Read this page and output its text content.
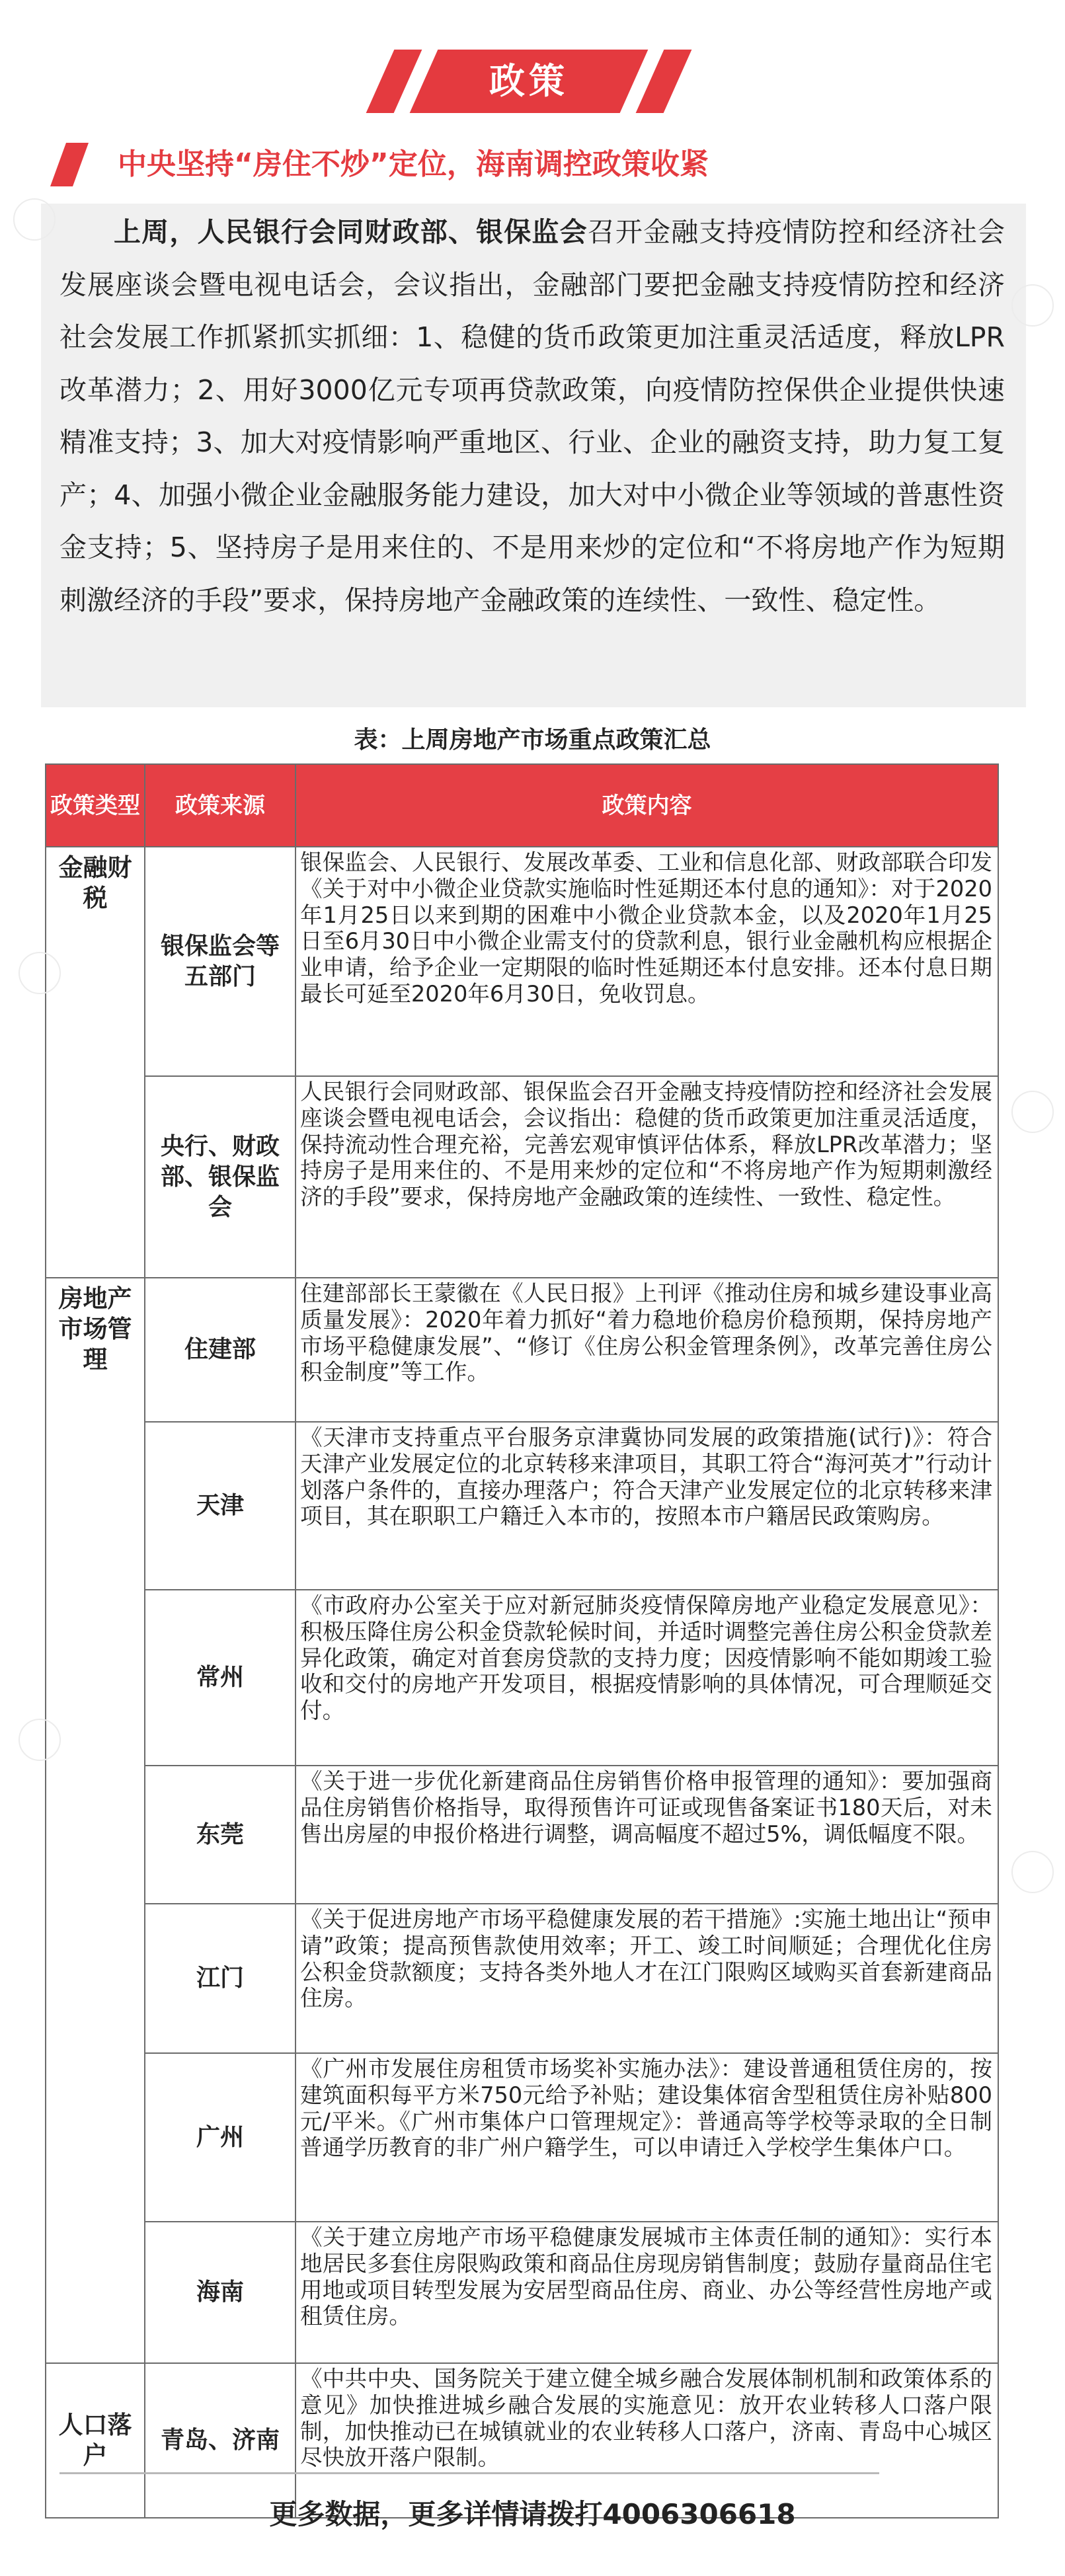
政策
中央坚持“房住不炒”定位，海南调控政策收紧

上周，人民银行会同财政部、银保监会召开金融支持疫情防控和经济社会发展座谈会暨电视电话会，会议指出，金融部门要把金融支持疫情防控和经济社会发展工作抓紧抓实抓细：1、稳健的货币政策更加注重灵活适度，释放LPR改革潜力；2、用好3000亿元专项再贷款政策，向疫情防控保供企业提供快速精准支持；3、加大对疫情影响严重地区、行业、企业的融资支持，助力复工复产；4、加强小微企业金融服务能力建设，加大对中小微企业等领域的普惠性资金支持；5、坚持房子是用来住的、不是用来炒的定位和“不将房地产作为短期刺激经济的手段”要求，保持房地产金融政策的连续性、一致性、稳定性。

表：上周房地产市场重点政策汇总
政策类型	政策来源	政策内容
金融财税	银保监会等五部门	银保监会、人民银行、发展改革委、工业和信息化部、财政部联合印发《关于对中小微企业贷款实施临时性延期还本付息的通知》：对于2020年1月25日以来到期的困难中小微企业贷款本金，以及2020年1月25日至6月30日中小微企业需支付的贷款利息，银行业金融机构应根据企业申请，给予企业一定期限的临时性延期还本付息安排。还本付息日期最长可延至2020年6月30日，免收罚息。
	央行、财政部、银保监会	人民银行会同财政部、银保监会召开金融支持疫情防控和经济社会发展座谈会暨电视电话会，会议指出：稳健的货币政策更加注重灵活适度，保持流动性合理充裕，完善宏观审慎评估体系，释放LPR改革潜力；坚持房子是用来住的、不是用来炒的定位和“不将房地产作为短期刺激经济的手段”要求，保持房地产金融政策的连续性、一致性、稳定性。
房地产市场管理	住建部	住建部部长王蒙徽在《人民日报》上刊评《推动住房和城乡建设事业高质量发展》：2020年着力抓好“着力稳地价稳房价稳预期，保持房地产市场平稳健康发展”、“修订《住房公积金管理条例》，改革完善住房公积金制度”等工作。
	天津	《天津市支持重点平台服务京津冀协同发展的政策措施(试行)》：符合天津产业发展定位的北京转移来津项目，其职工符合“海河英才”行动计划落户条件的，直接办理落户；符合天津产业发展定位的北京转移来津项目，其在职职工户籍迁入本市的，按照本市户籍居民政策购房。
	常州	《市政府办公室关于应对新冠肺炎疫情保障房地产业稳定发展意见》：积极压降住房公积金贷款轮候时间，并适时调整完善住房公积金贷款差异化政策，确定对首套房贷款的支持力度；因疫情影响不能如期竣工验收和交付的房地产开发项目，根据疫情影响的具体情况，可合理顺延交付。
	东莞	《关于进一步优化新建商品住房销售价格申报管理的通知》：要加强商品住房销售价格指导，取得预售许可证或现售备案证书180天后，对未售出房屋的申报价格进行调整，调高幅度不超过5%，调低幅度不限。
	江门	《关于促进房地产市场平稳健康发展的若干措施》:实施土地出让“预申请”政策；提高预售款使用效率；开工、竣工时间顺延；合理优化住房公积金贷款额度；支持各类外地人才在江门限购区域购买首套新建商品住房。
	广州	《广州市发展住房租赁市场奖补实施办法》：建设普通租赁住房的，按建筑面积每平方米750元给予补贴；建设集体宿舍型租赁住房补贴800元/平米。《广州市集体户口管理规定》：普通高等学校等录取的全日制普通学历教育的非广州户籍学生，可以申请迁入学校学生集体户口。
	海南	《关于建立房地产市场平稳健康发展城市主体责任制的通知》：实行本地居民多套住房限购政策和商品住房现房销售制度；鼓励存量商品住宅用地或项目转型发展为安居型商品住房、商业、办公等经营性房地产或租赁住房。
人口落户	青岛、济南	《中共中央、国务院关于建立健全城乡融合发展体制机制和政策体系的意见》加快推进城乡融合发展的实施意见：放开农业转移人口落户限制，加快推动已在城镇就业的农业转移人口落户，济南、青岛中心城区尽快放开落户限制。
更多数据，更多详情请拨打4006306618
